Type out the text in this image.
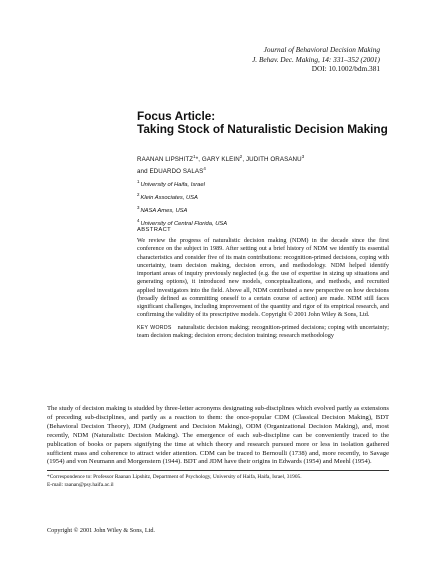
Journal of Behavioral Decision Making
J. Behav. Dec. Making, 14: 331–352 (2001)
DOI: 10.1002/bdm.381
Focus Article:
Taking Stock of Naturalistic Decision Making
RAANAN LIPSHITZ$^1$*, GARY KLEIN$^2$, JUDITH ORASANU$^3$
and EDUARDO SALAS$^4$
$^1$University of Haifa, Israel
$^2$Klein Associates, USA
$^3$NASA Ames, USA
$^4$University of Central Florida, USA
ABSTRACT
We review the progress of naturalistic decision making (NDM) in the decade since the first conference on the subject in 1989. After setting out a brief history of NDM we identify its essential characteristics and consider five of its main contributions: recognition-primed decisions, coping with uncertainty, team decision making, decision errors, and methodology. NDM helped identify important areas of inquiry previously neglected (e.g. the use of expertise in sizing up situations and generating options), it introduced new models, conceptualizations, and methods, and recruited applied investigators into the field. Above all, NDM contributed a new perspective on how decisions (broadly defined as committing oneself to a certain course of action) are made. NDM still faces significant challenges, including improvement of the quantity and rigor of its empirical research, and confirming the validity of its prescriptive models. Copyright © 2001 John Wiley & Sons, Ltd.
KEY WORDS naturalistic decision making; recognition-primed decisions; coping with uncertainty; team decision making; decision errors; decision training; research methodology
The study of decision making is studded by three-letter acronyms designating sub-disciplines which evolved partly as extensions of preceding sub-disciplines, and partly as a reaction to them: the once-popular CDM (Classical Decision Making), BDT (Behavioral Decision Theory), JDM (Judgment and Decision Making), ODM (Organizational Decision Making), and, most recently, NDM (Naturalistic Decision Making). The emergence of each sub-discipline can be conveniently traced to the publication of books or papers signifying the time at which theory and research pursued more or less in isolation gathered sufficient mass and coherence to attract wider attention. CDM can be traced to Bernoulli (1738) and, more recently, to Savage (1954) and von Neumann and Morgenstern (1944). BDT and JDM have their origins in Edwards (1954) and Meehl (1954).
*Correspondence to: Professor Raanan Lipshitz, Department of Psychology, University of Haifa, Haifa, Israel, 31905.
E-mail: raanan@psy.haifa.ac.il
Copyright © 2001 John Wiley & Sons, Ltd.
